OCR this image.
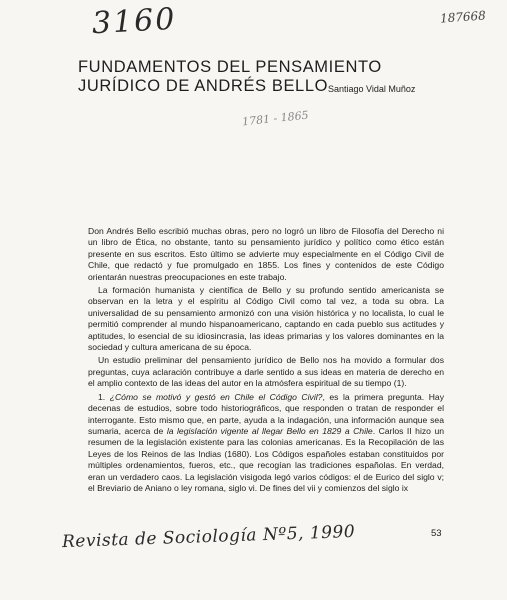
3160	187668
FUNDAMENTOS DEL PENSAMIENTO
JURÍDICO DE ANDRÉS BELLO Santiago Vidal Muñoz
1781 - 1865

Don Andrés Bello escribió muchas obras, pero no logró un libro de Filosofía del Derecho ni un libro de Ética, no obstante, tanto su pensamiento jurídico y político como ético están presente en sus escritos. Esto último se advierte muy especialmente en el Código Civil de Chile, que redactó y fue promulgado en 1855. Los fines y contenidos de este Código orientarán nuestras preocupaciones en este trabajo.

La formación humanista y científica de Bello y su profundo sentido americanista se observan en la letra y el espíritu al Código Civil como tal vez, a toda su obra. La universalidad de su pensamiento armonizó con una visión histórica y no localista, lo cual le permitió comprender al mundo hispanoamericano, captando en cada pueblo sus actitudes y aptitudes, lo esencial de su idiosincrasia, las ideas primarias y los valores dominantes en la sociedad y cultura americana de su época.

Un estudio preliminar del pensamiento jurídico de Bello nos ha movido a formular dos preguntas, cuya aclaración contribuye a darle sentido a sus ideas en materia de derecho en el amplio contexto de las ideas del autor en la atmósfera espiritual de su tiempo (1).

1. ¿Cómo se motivó y gestó en Chile el Código Civil?, es la primera pregunta. Hay decenas de estudios, sobre todo historiográficos, que responden o tratan de responder el interrogante. Esto mismo que, en parte, ayuda a la indagación, una información aunque sea sumaria, acerca de la legislación vigente al llegar Bello en 1829 a Chile. Carlos II hizo un resumen de la legislación existente para las colonias americanas. Es la Recopilación de las Leyes de los Reinos de las Indias (1680). Los Códigos españoles estaban constituidos por múltiples ordenamientos, fueros, etc., que recogían las tradiciones españolas. En verdad, eran un verdadero caos. La legislación visigoda legó varios códigos: el de Eurico del siglo v; el Breviario de Aniano o ley romana, siglo vi. De fines del vii y comienzos del siglo ix

Revista de Sociología Nº5, 1990	53
